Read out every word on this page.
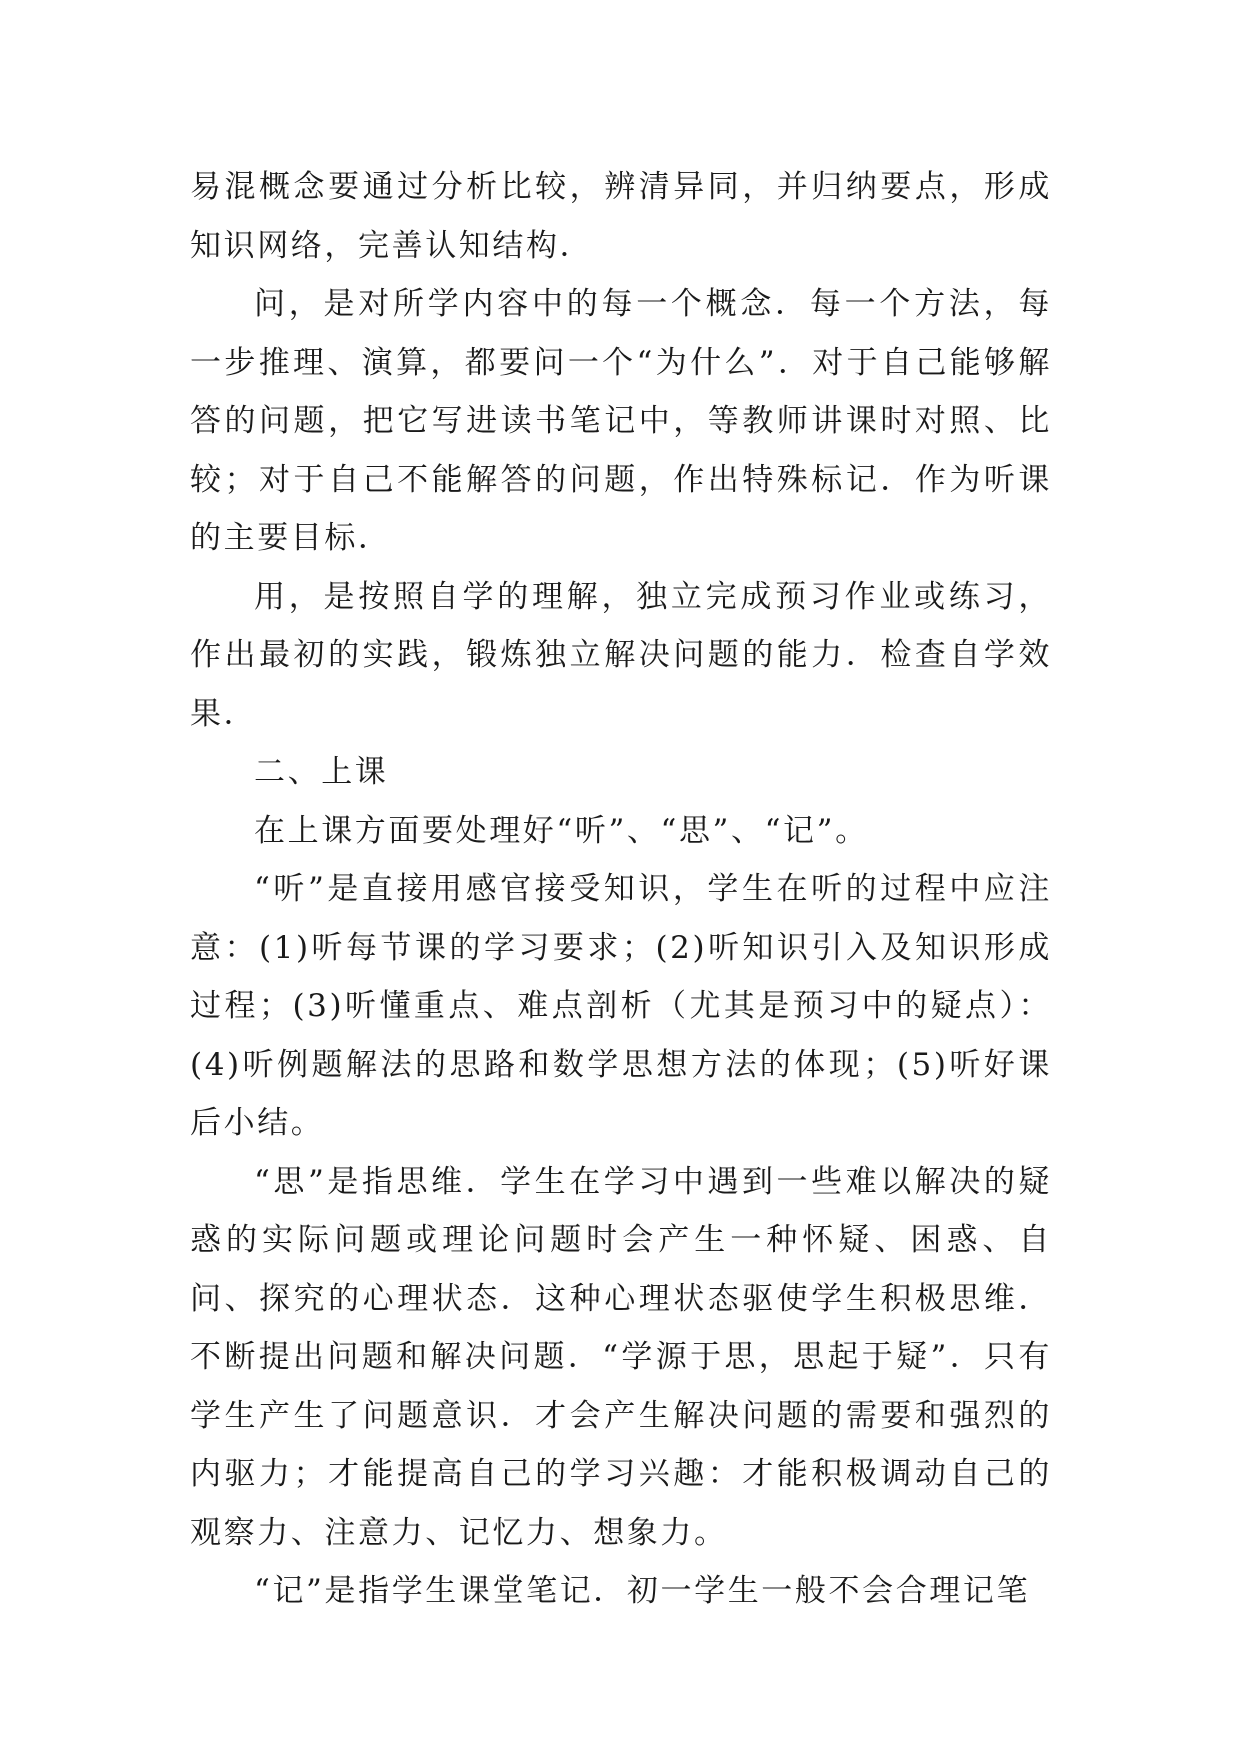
易混概念要通过分析比较，辨清异同，并归纳要点，形成知识网络，完善认知结构．

问，是对所学内容中的每一个概念．每一个方法，每一步推理、演算，都要问一个“为什么”．对于自己能够解答的问题，把它写进读书笔记中，等教师讲课时对照、比较；对于自己不能解答的问题，作出特殊标记．作为听课的主要目标．

用，是按照自学的理解，独立完成预习作业或练习，作出最初的实践，锻炼独立解决问题的能力．检查自学效果．

二、上课

在上课方面要处理好“听”、“思”、“记”。

“听”是直接用感官接受知识，学生在听的过程中应注意：(1)听每节课的学习要求；(2)听知识引入及知识形成过程；(3)听懂重点、难点剖析（尤其是预习中的疑点）：(4)听例题解法的思路和数学思想方法的体现；(5)听好课后小结。

“思”是指思维．学生在学习中遇到一些难以解决的疑惑的实际问题或理论问题时会产生一种怀疑、困惑、自问、探究的心理状态．这种心理状态驱使学生积极思维．不断提出问题和解决问题．“学源于思，思起于疑”．只有学生产生了问题意识．才会产生解决问题的需要和强烈的内驱力；才能提高自己的学习兴趣：才能积极调动自己的观察力、注意力、记忆力、想象力。

“记”是指学生课堂笔记．初一学生一般不会合理记笔
